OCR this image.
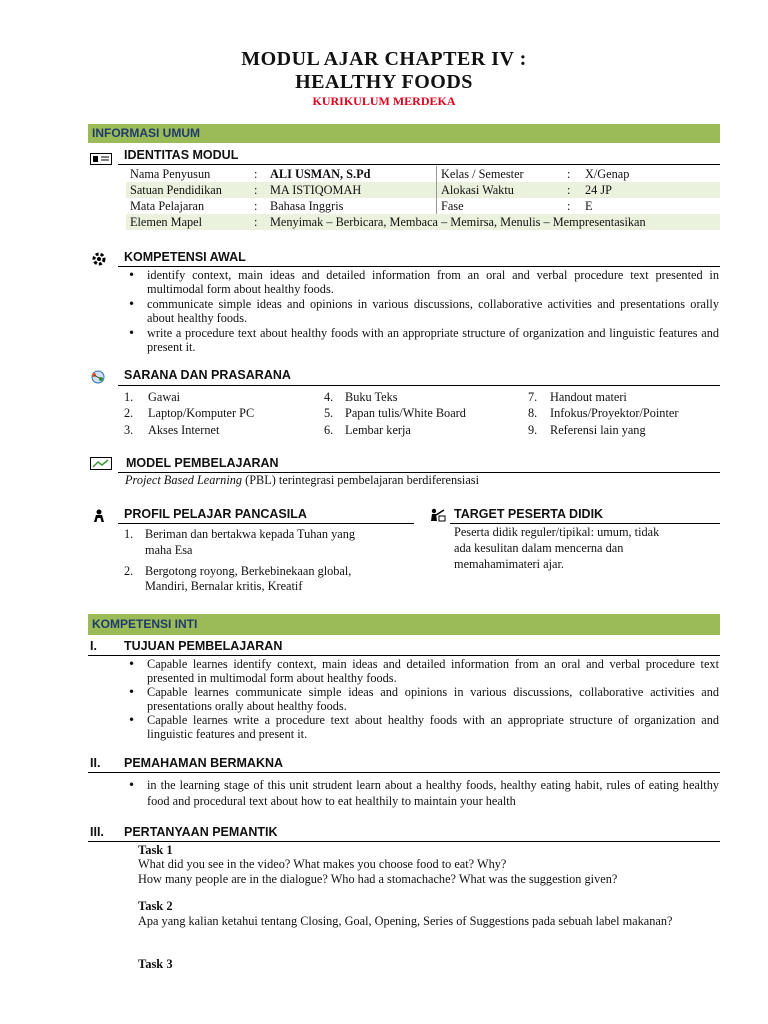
MODUL AJAR CHAPTER IV :
HEALTHY FOODS
KURIKULUM MERDEKA
INFORMASI UMUM
IDENTITAS MODUL
Nama Penyusun	:	ALI USMAN, S.Pd	Kelas / Semester	:	X/Genap
Satuan Pendidikan	:	MA ISTIQOMAH	Alokasi Waktu	:	24 JP
Mata Pelajaran	:	Bahasa Inggris	Fase	:	E
Elemen Mapel	:	Menyimak – Berbicara, Membaca – Memirsa, Menulis – Mempresentasikan			
KOMPETENSI AWAL
• identify context, main ideas and detailed information from an oral and verbal procedure text presented in multimodal form about healthy foods.
• communicate simple ideas and opinions in various discussions, collaborative activities and presentations orally about healthy foods.
• write a procedure text about healthy foods with an appropriate structure of organization and linguistic features and present it.
SARANA DAN PRASARANA
1.	Gawai	4.	Buku Teks	7.	Handout materi
2.	Laptop/Komputer PC	5.	Papan tulis/White Board	8.	Infokus/Proyektor/Pointer
3.	Akses Internet	6.	Lembar kerja	9.	Referensi lain yang
MODEL PEMBELAJARAN
Project Based Learning (PBL) terintegrasi pembelajaran berdiferensiasi
PROFIL PELAJAR PANCASILA
1. Beriman dan bertakwa kepada Tuhan yang
maha Esa
2. Bergotong royong, Berkebinekaan global,
Mandiri, Bernalar kritis, Kreatif
TARGET PESERTA DIDIK
Peserta didik reguler/tipikal: umum, tidak
ada kesulitan dalam mencerna dan
memahamimateri ajar.
KOMPETENSI INTI
I. TUJUAN PEMBELAJARAN
• Capable learnes identify context, main ideas and detailed information from an oral and verbal procedure text presented in multimodal form about healthy foods.
• Capable learnes communicate simple ideas and opinions in various discussions, collaborative activities and presentations orally about healthy foods.
• Capable learnes write a procedure text about healthy foods with an appropriate structure of organization and linguistic features and present it.
II. PEMAHAMAN BERMAKNA
• in the learning stage of this unit strudent learn about a healthy foods, healthy eating habit, rules of eating healthy food and procedural text about how to eat healthily to maintain your health
III. PERTANYAAN PEMANTIK
Task 1
What did you see in the video? What makes you choose food to eat? Why?
How many people are in the dialogue? Who had a stomachache? What was the suggestion given?
Task 2
Apa yang kalian ketahui tentang Closing, Goal, Opening, Series of Suggestions pada sebuah label makanan?
Task 3
